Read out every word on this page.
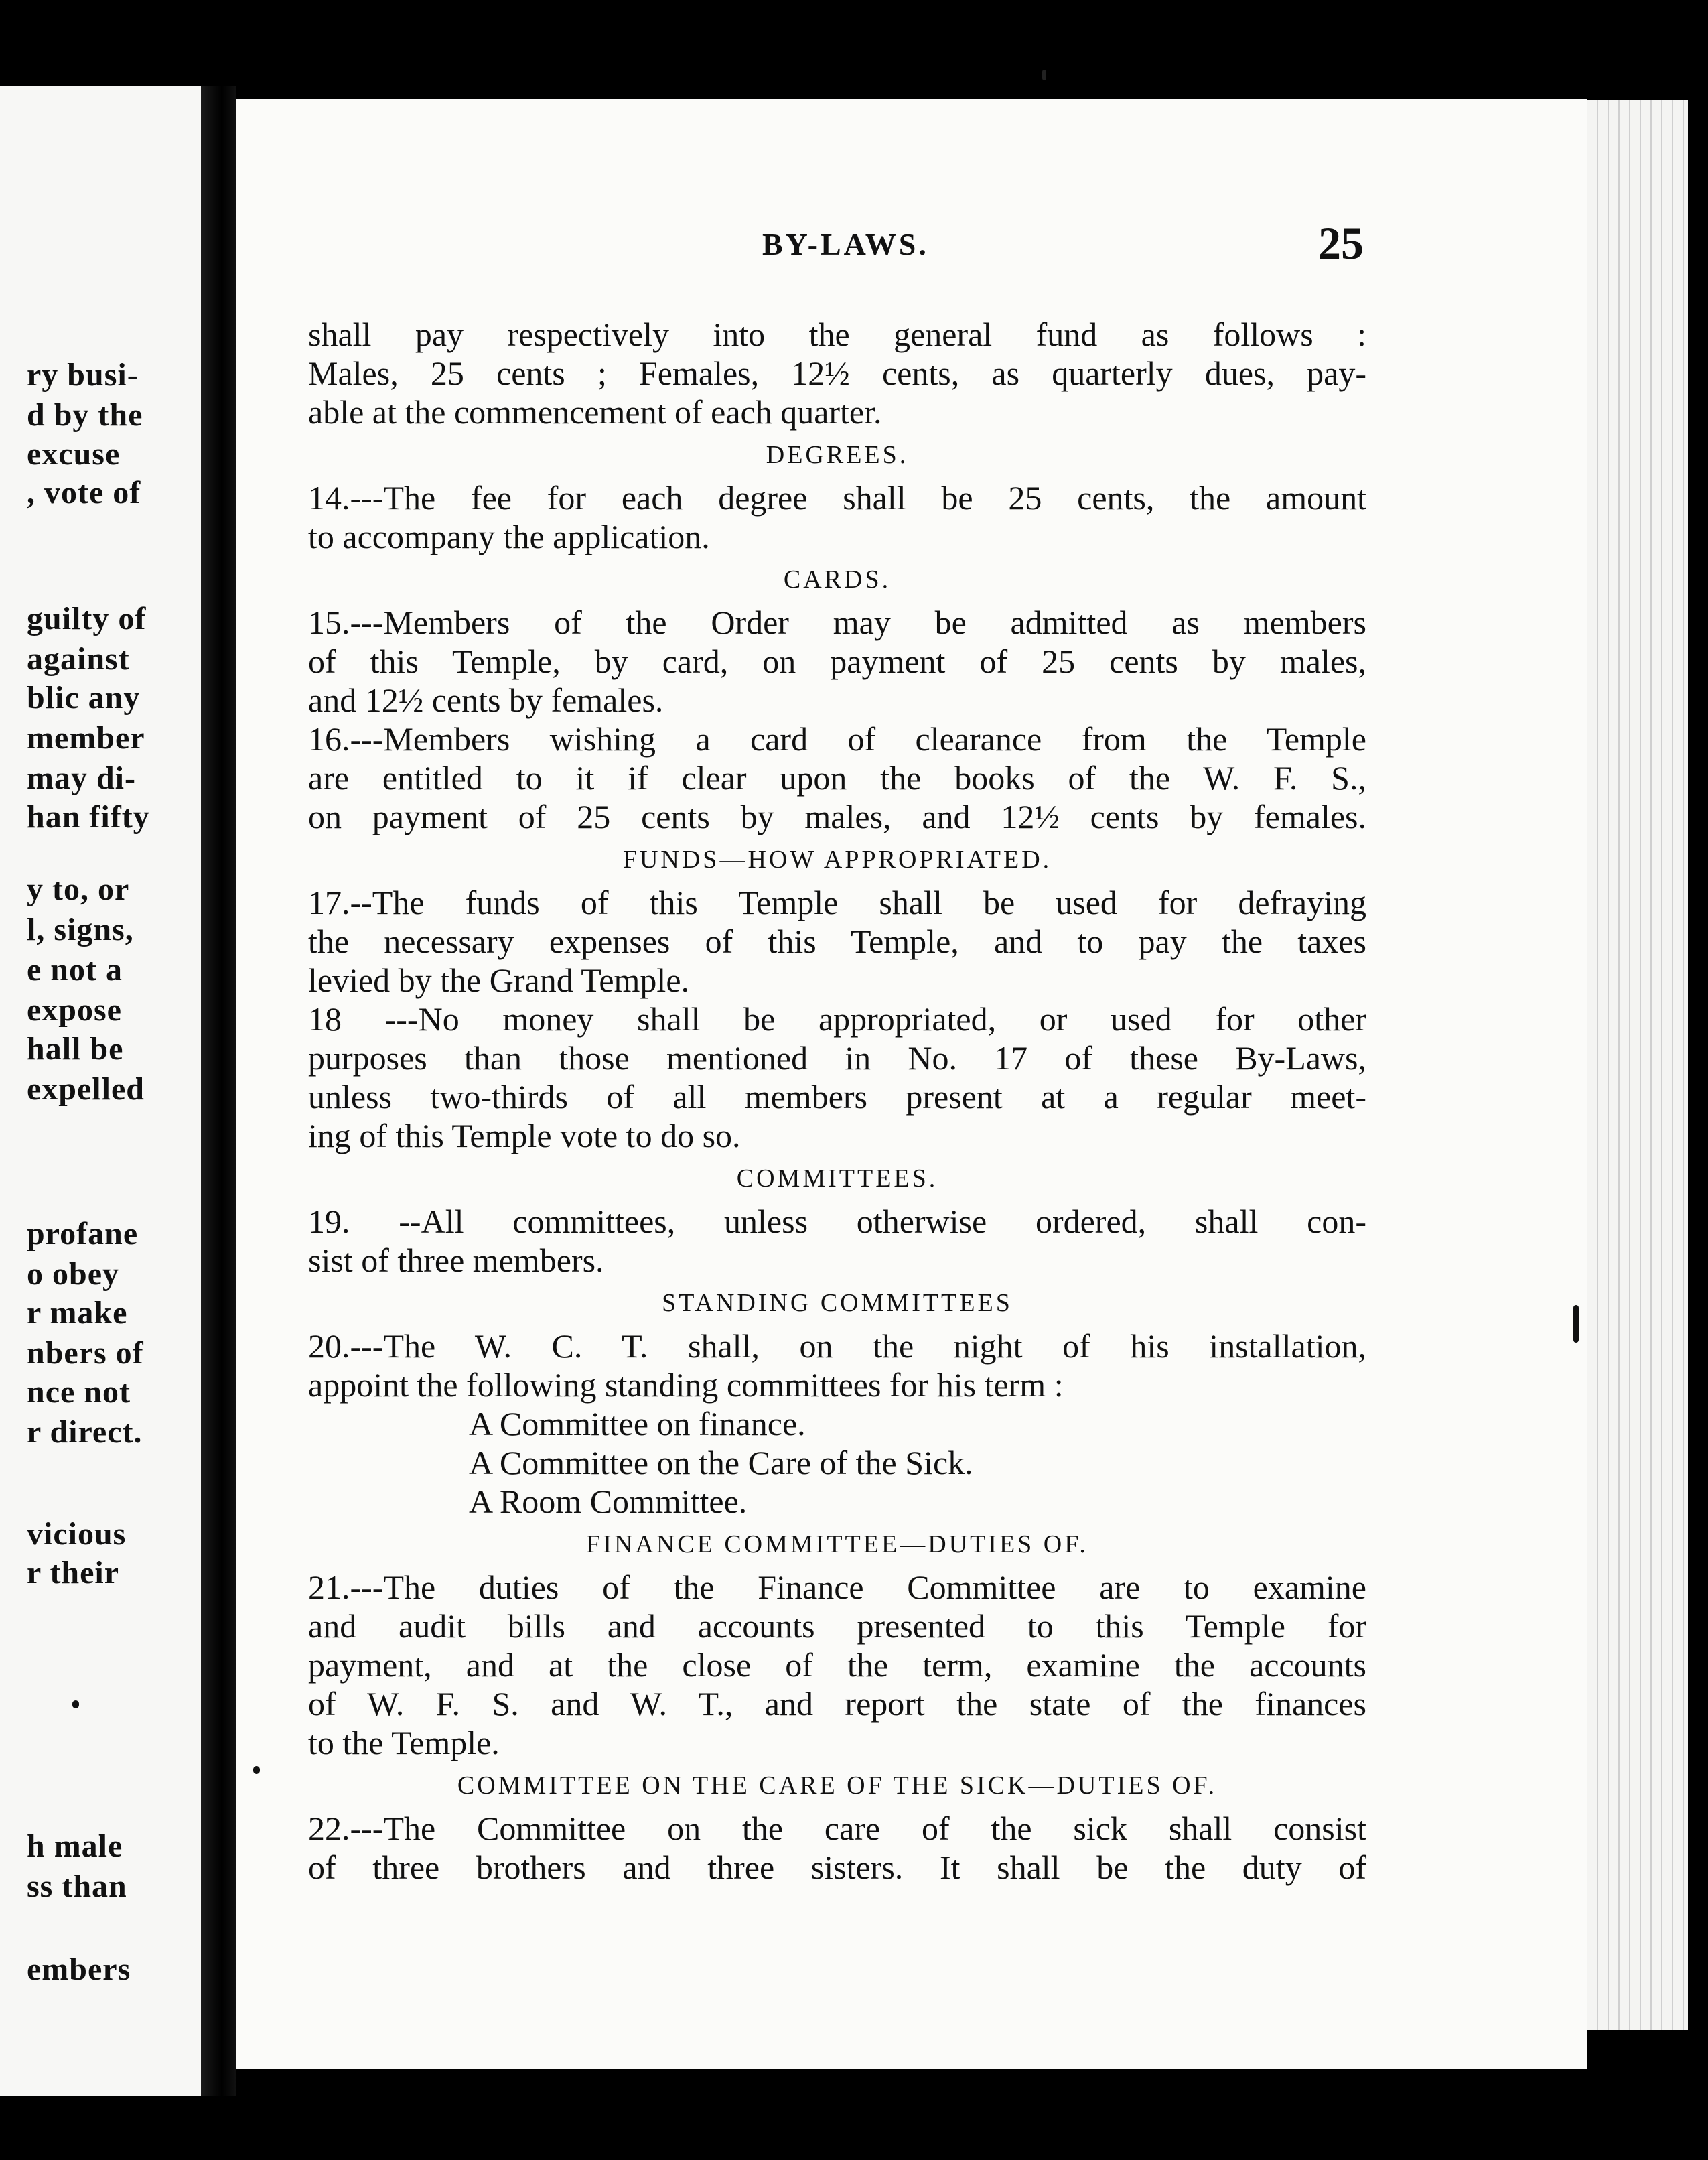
ry busi-
d by the
excuse
, vote of
guilty of
against
blic any
member
may di-
han fifty
y to, or
l, signs,
e not a
expose
hall be
expelled
profane
o obey
r make
nbers of
nce not
r direct.
vicious
r their
h male
ss than
embers
BY-LAWS.	25
shall pay respectively into the general fund as follows :
Males, 25 cents ; Females, 12½ cents, as quarterly dues, pay-
able at the commencement of each quarter.
DEGREES.
14.---The fee for each degree shall be 25 cents, the amount
to accompany the application.
CARDS.
15.---Members of the Order may be admitted as members
of this Temple, by card, on payment of 25 cents by males,
and 12½ cents by females.
16.---Members wishing a card of clearance from the Temple
are entitled to it if clear upon the books of the W. F. S.,
on payment of 25 cents by males, and 12½ cents by females.
FUNDS—HOW APPROPRIATED.
17.--The funds of this Temple shall be used for defraying
the necessary expenses of this Temple, and to pay the taxes
levied by the Grand Temple.
18 ---No money shall be appropriated, or used for other
purposes than those mentioned in No. 17 of these By-Laws,
unless two-thirds of all members present at a regular meet-
ing of this Temple vote to do so.
COMMITTEES.
19. --All committees, unless otherwise ordered, shall con-
sist of three members.
STANDING COMMITTEES
20.---The W. C. T. shall, on the night of his installation,
appoint the following standing committees for his term :
A Committee on finance.
A Committee on the Care of the Sick.
A Room Committee.
FINANCE COMMITTEE—DUTIES OF.
21.---The duties of the Finance Committee are to examine
and audit bills and accounts presented to this Temple for
payment, and at the close of the term, examine the accounts
of W. F. S. and W. T., and report the state of the finances
to the Temple.
COMMITTEE ON THE CARE OF THE SICK—DUTIES OF.
22.---The Committee on the care of the sick shall consist
of three brothers and three sisters. It shall be the duty of
